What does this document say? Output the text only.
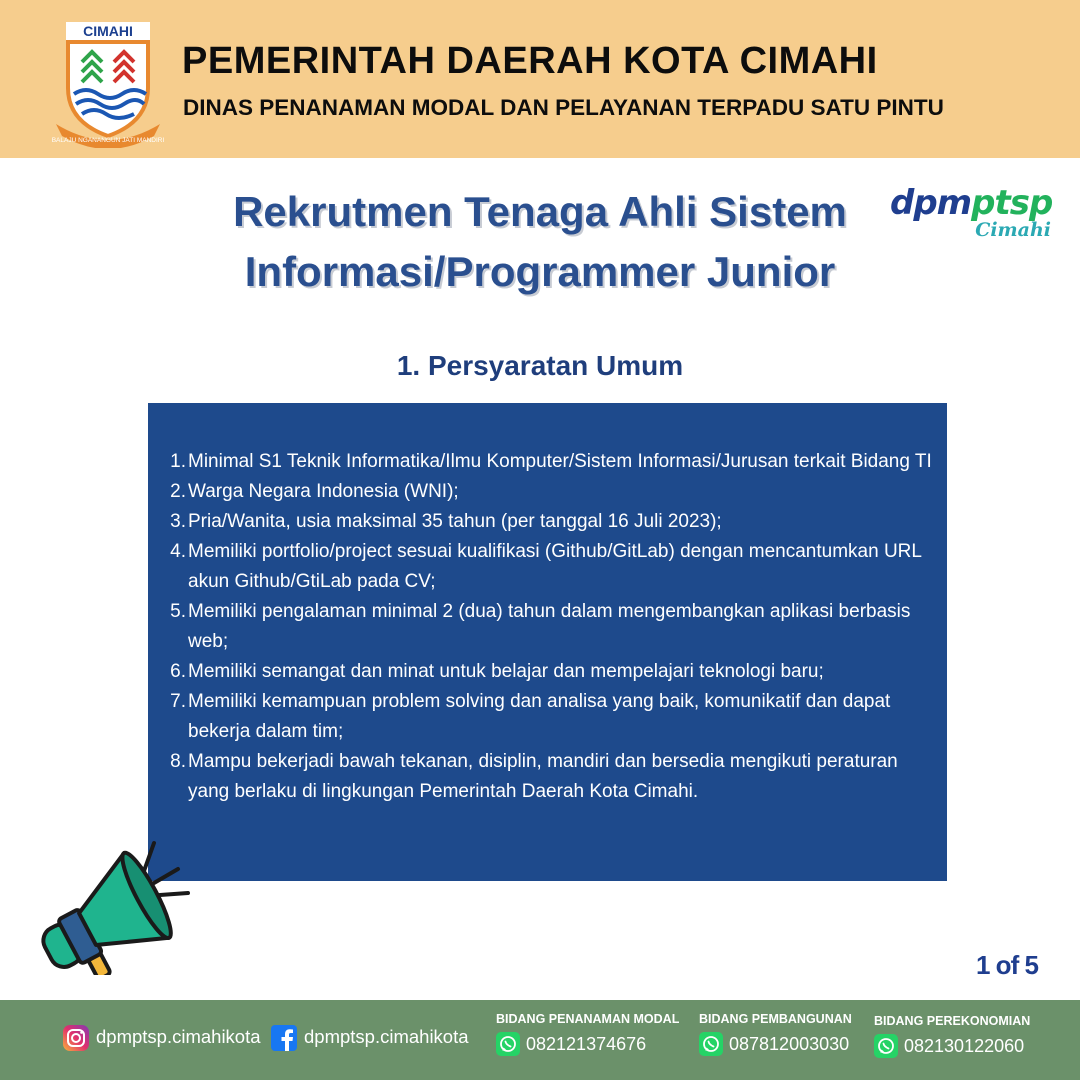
CIMAHI
BALAJU NGANANGUN JATI MANDIRI
PEMERINTAH DAERAH KOTA CIMAHI
DINAS PENANAMAN MODAL DAN PELAYANAN TERPADU SATU PINTU
Rekrutmen Tenaga Ahli Sistem
Informasi/Programmer Junior
dpmptsp
Cimahi
1. Persyaratan Umum
1. Minimal S1 Teknik Informatika/Ilmu Komputer/Sistem Informasi/Jurusan terkait Bidang TI
2. Warga Negara Indonesia (WNI);
3. Pria/Wanita, usia maksimal 35 tahun (per tanggal 16 Juli 2023);
4. Memiliki portfolio/project sesuai kualifikasi (Github/GitLab) dengan mencantumkan URL akun Github/GtiLab pada CV;
5. Memiliki pengalaman minimal 2 (dua) tahun dalam mengembangkan aplikasi berbasis web;
6. Memiliki semangat dan minat untuk belajar dan mempelajari teknologi baru;
7. Memiliki kemampuan problem solving dan analisa yang baik, komunikatif dan dapat bekerja dalam tim;
8. Mampu bekerjadi bawah tekanan, disiplin, mandiri dan bersedia mengikuti peraturan yang berlaku di lingkungan Pemerintah Daerah Kota Cimahi.
1 of 5
dpmptsp.cimahikota dpmptsp.cimahikota
BIDANG PENANAMAN MODAL
082121374676
BIDANG PEMBANGUNAN
087812003030
BIDANG PEREKONOMIAN
082130122060
